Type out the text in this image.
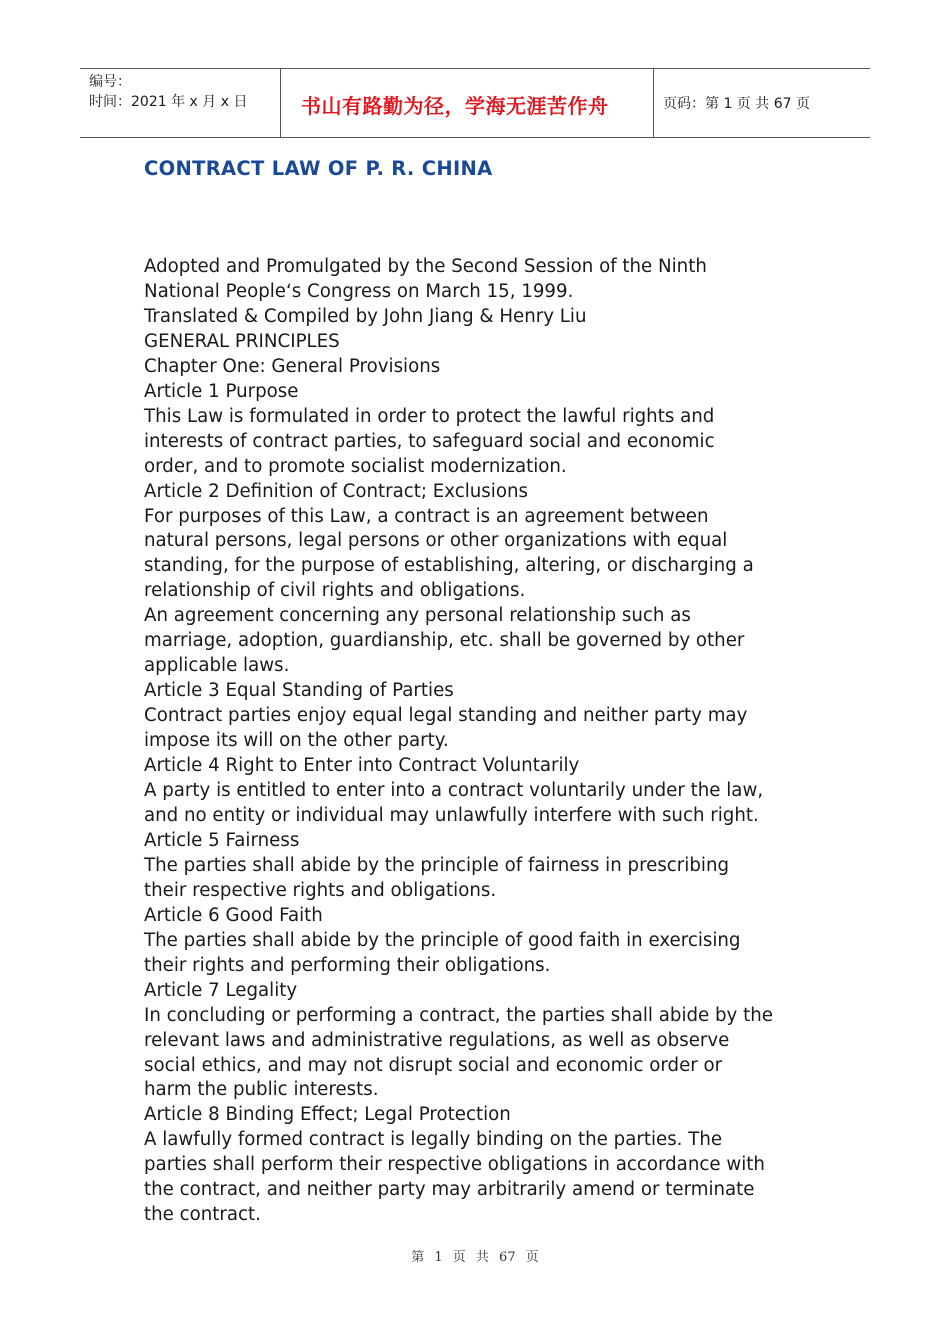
编号：
时间：2021 年 x 月 x 日	书山有路勤为径，学海无涯苦作舟	页码：第 1 页 共 67 页
CONTRACT LAW OF P. R. CHINA

Adopted and Promulgated by the Second Session of the Ninth

National People‘s Congress on March 15, 1999.

Translated & Compiled by John Jiang & Henry Liu

GENERAL PRINCIPLES

Chapter One: General Provisions

Article 1 Purpose

This Law is formulated in order to protect the lawful rights and

interests of contract parties, to safeguard social and economic

order, and to promote socialist modernization.

Article 2 Definition of Contract; Exclusions

For purposes of this Law, a contract is an agreement between

natural persons, legal persons or other organizations with equal

standing, for the purpose of establishing, altering, or discharging a

relationship of civil rights and obligations.

An agreement concerning any personal relationship such as

marriage, adoption, guardianship, etc. shall be governed by other

applicable laws.

Article 3 Equal Standing of Parties

Contract parties enjoy equal legal standing and neither party may

impose its will on the other party.

Article 4 Right to Enter into Contract Voluntarily

A party is entitled to enter into a contract voluntarily under the law,

and no entity or individual may unlawfully interfere with such right.

Article 5 Fairness

The parties shall abide by the principle of fairness in prescribing

their respective rights and obligations.

Article 6 Good Faith

The parties shall abide by the principle of good faith in exercising

their rights and performing their obligations.

Article 7 Legality

In concluding or performing a contract, the parties shall abide by the

relevant laws and administrative regulations, as well as observe

social ethics, and may not disrupt social and economic order or

harm the public interests.

Article 8 Binding Effect; Legal Protection

A lawfully formed contract is legally binding on the parties. The

parties shall perform their respective obligations in accordance with

the contract, and neither party may arbitrarily amend or terminate

the contract.

第 1 页 共 67 页
